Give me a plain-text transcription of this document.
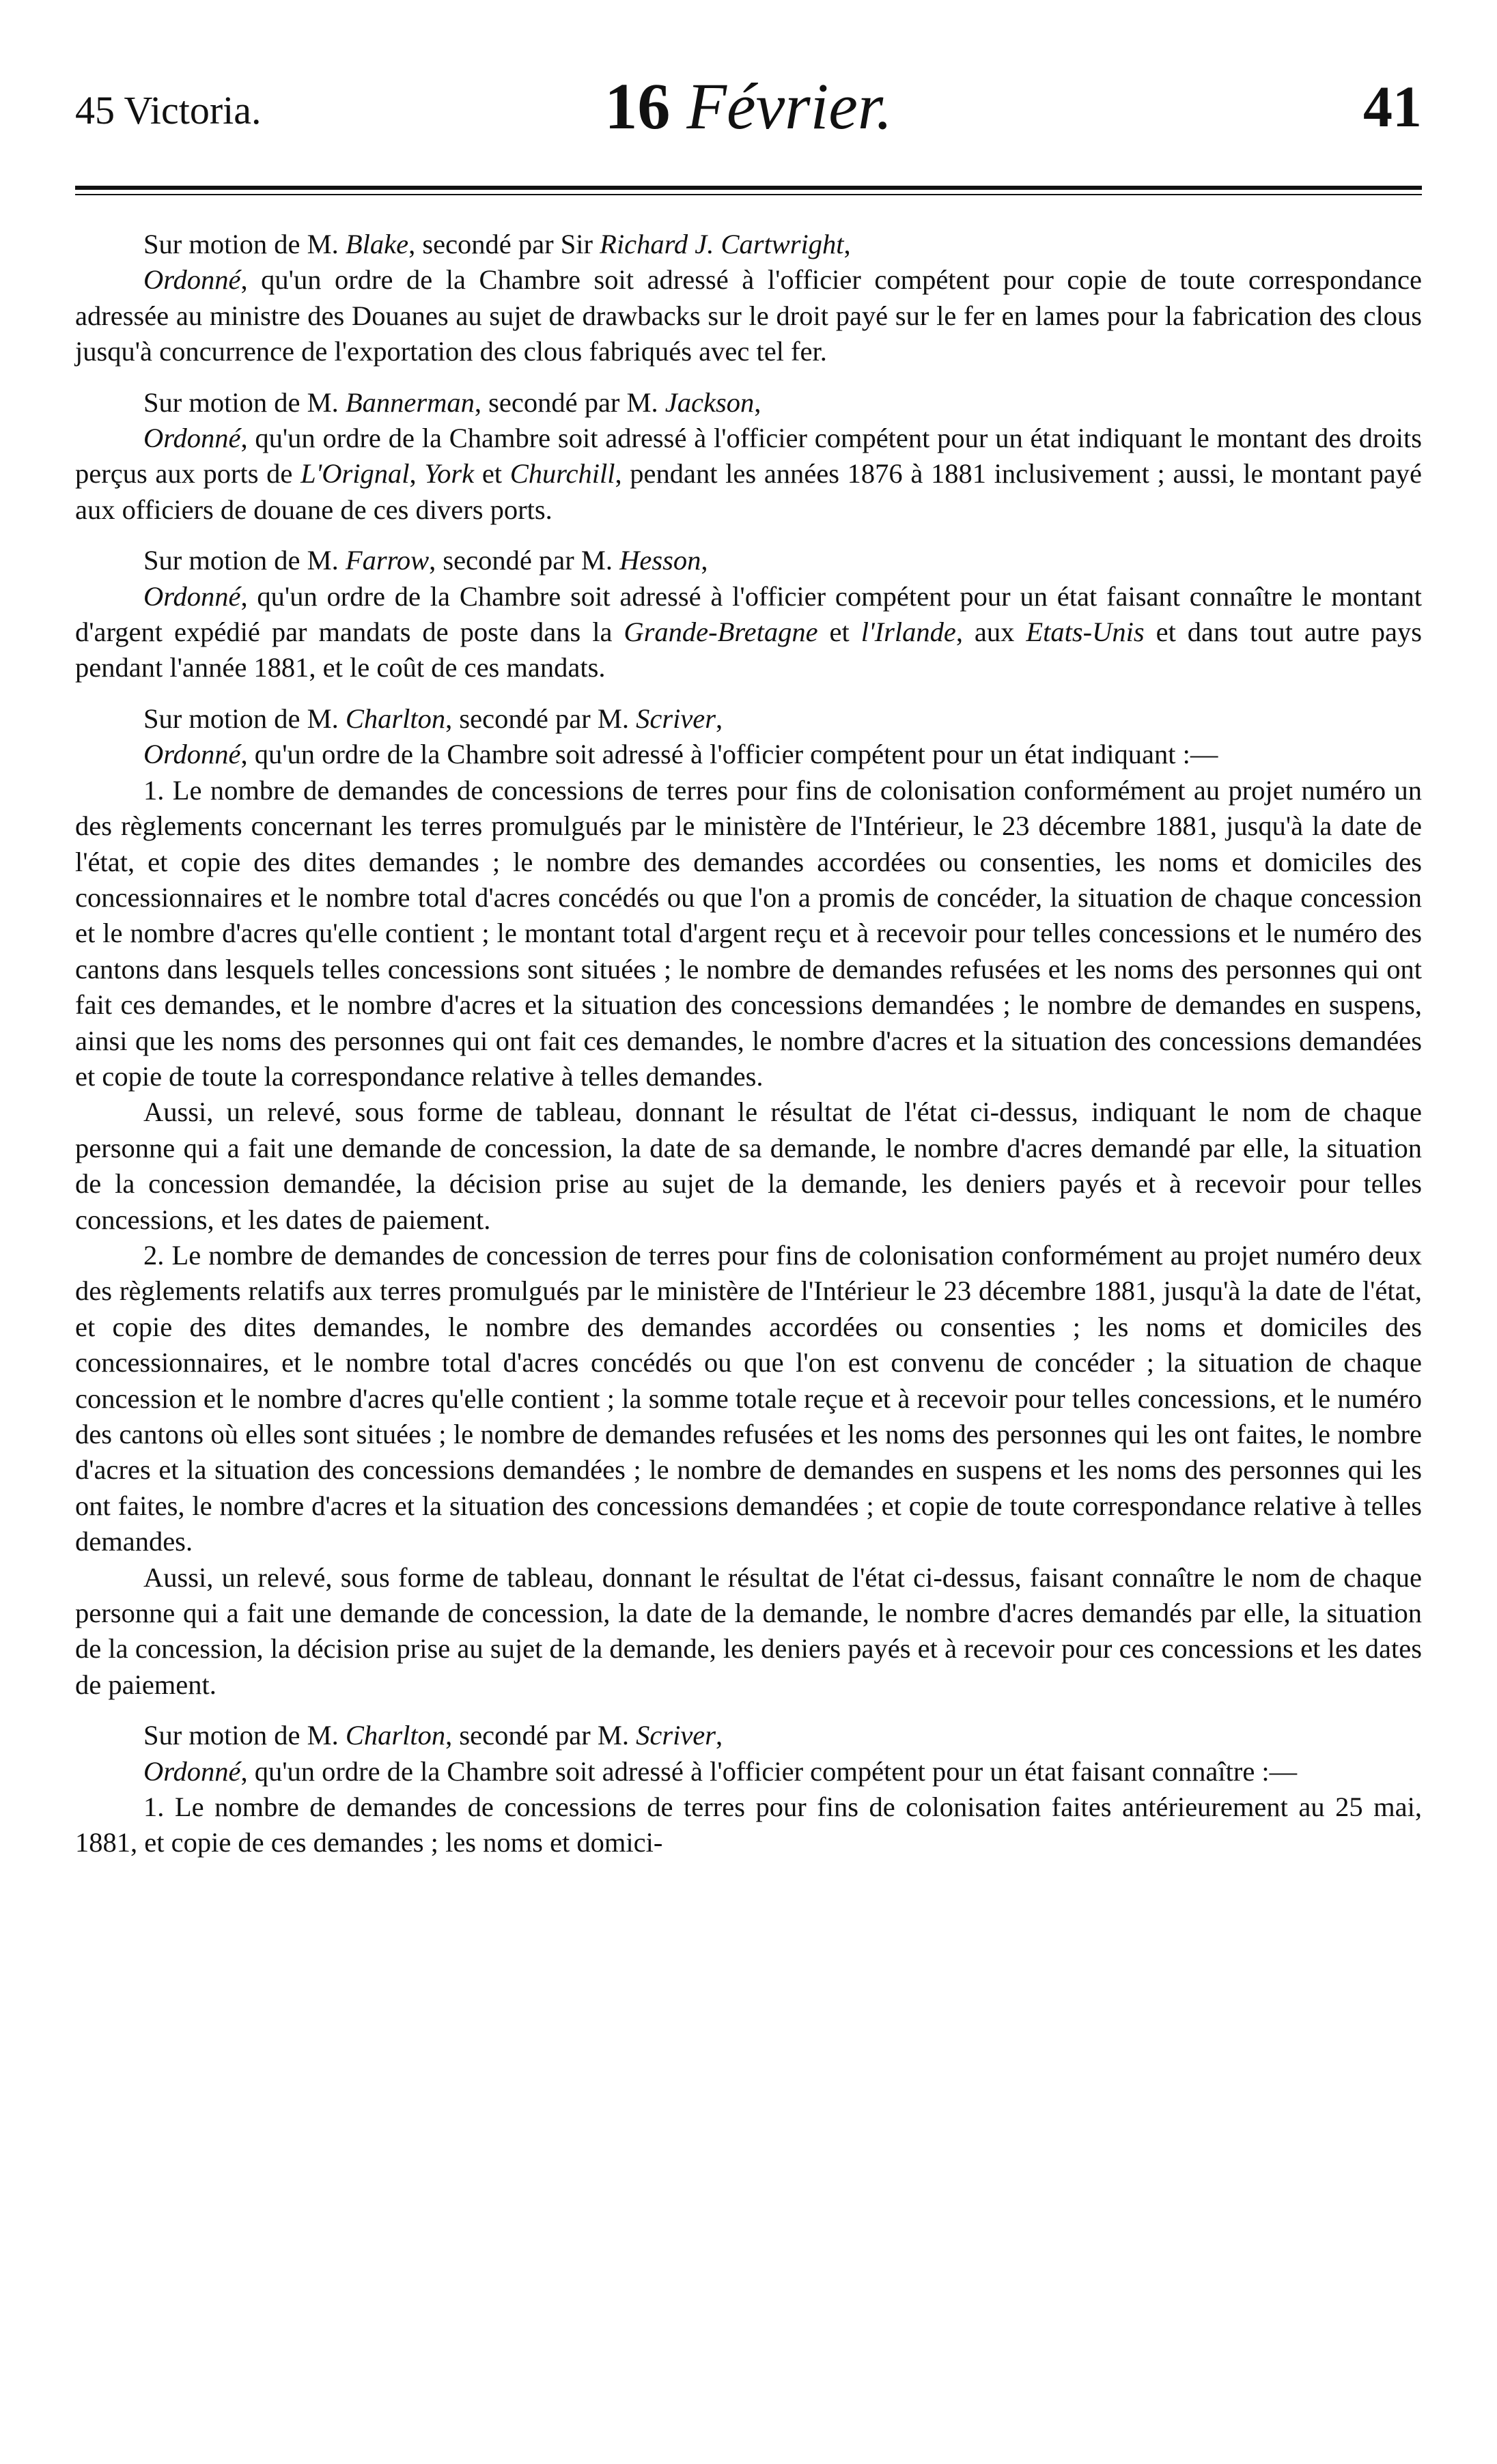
45 Victoria.	16 Février.	41

Sur motion de M. Blake, secondé par Sir Richard J. Cartwright,

Ordonné, qu'un ordre de la Chambre soit adressé à l'officier compétent pour copie de toute correspondance adressée au ministre des Douanes au sujet de drawbacks sur le droit payé sur le fer en lames pour la fabrication des clous jusqu'à concurrence de l'exportation des clous fabriqués avec tel fer.

Sur motion de M. Bannerman, secondé par M. Jackson,

Ordonné, qu'un ordre de la Chambre soit adressé à l'officier compétent pour un état indiquant le montant des droits perçus aux ports de L'Orignal, York et Churchill, pendant les années 1876 à 1881 inclusivement ; aussi, le montant payé aux officiers de douane de ces divers ports.

Sur motion de M. Farrow, secondé par M. Hesson,

Ordonné, qu'un ordre de la Chambre soit adressé à l'officier compétent pour un état faisant connaître le montant d'argent expédié par mandats de poste dans la Grande-Bretagne et l'Irlande, aux Etats-Unis et dans tout autre pays pendant l'année 1881, et le coût de ces mandats.

Sur motion de M. Charlton, secondé par M. Scriver,

Ordonné, qu'un ordre de la Chambre soit adressé à l'officier compétent pour un état indiquant :—

1. Le nombre de demandes de concessions de terres pour fins de colonisation conformément au projet numéro un des règlements concernant les terres promulgués par le ministère de l'Intérieur, le 23 décembre 1881, jusqu'à la date de l'état, et copie des dites demandes ; le nombre des demandes accordées ou consenties, les noms et domiciles des concessionnaires et le nombre total d'acres concédés ou que l'on a promis de concéder, la situation de chaque concession et le nombre d'acres qu'elle contient ; le montant total d'argent reçu et à recevoir pour telles concessions et le numéro des cantons dans lesquels telles concessions sont situées ; le nombre de demandes refusées et les noms des personnes qui ont fait ces demandes, et le nombre d'acres et la situation des concessions demandées ; le nombre de demandes en suspens, ainsi que les noms des personnes qui ont fait ces demandes, le nombre d'acres et la situation des concessions demandées et copie de toute la correspondance relative à telles demandes.

Aussi, un relevé, sous forme de tableau, donnant le résultat de l'état ci-dessus, indiquant le nom de chaque personne qui a fait une demande de concession, la date de sa demande, le nombre d'acres demandé par elle, la situation de la concession demandée, la décision prise au sujet de la demande, les deniers payés et à recevoir pour telles concessions, et les dates de paiement.

2. Le nombre de demandes de concession de terres pour fins de colonisation conformément au projet numéro deux des règlements relatifs aux terres promulgués par le ministère de l'Intérieur le 23 décembre 1881, jusqu'à la date de l'état, et copie des dites demandes, le nombre des demandes accordées ou consenties ; les noms et domiciles des concessionnaires, et le nombre total d'acres concédés ou que l'on est convenu de concéder ; la situation de chaque concession et le nombre d'acres qu'elle contient ; la somme totale reçue et à recevoir pour telles concessions, et le numéro des cantons où elles sont situées ; le nombre de demandes refusées et les noms des personnes qui les ont faites, le nombre d'acres et la situation des concessions demandées ; le nombre de demandes en suspens et les noms des personnes qui les ont faites, le nombre d'acres et la situation des concessions demandées ; et copie de toute correspondance relative à telles demandes.

Aussi, un relevé, sous forme de tableau, donnant le résultat de l'état ci-dessus, faisant connaître le nom de chaque personne qui a fait une demande de concession, la date de la demande, le nombre d'acres demandés par elle, la situation de la concession, la décision prise au sujet de la demande, les deniers payés et à recevoir pour ces concessions et les dates de paiement.

Sur motion de M. Charlton, secondé par M. Scriver,

Ordonné, qu'un ordre de la Chambre soit adressé à l'officier compétent pour un état faisant connaître :—

1. Le nombre de demandes de concessions de terres pour fins de colonisation faites antérieurement au 25 mai, 1881, et copie de ces demandes ; les noms et domici-
